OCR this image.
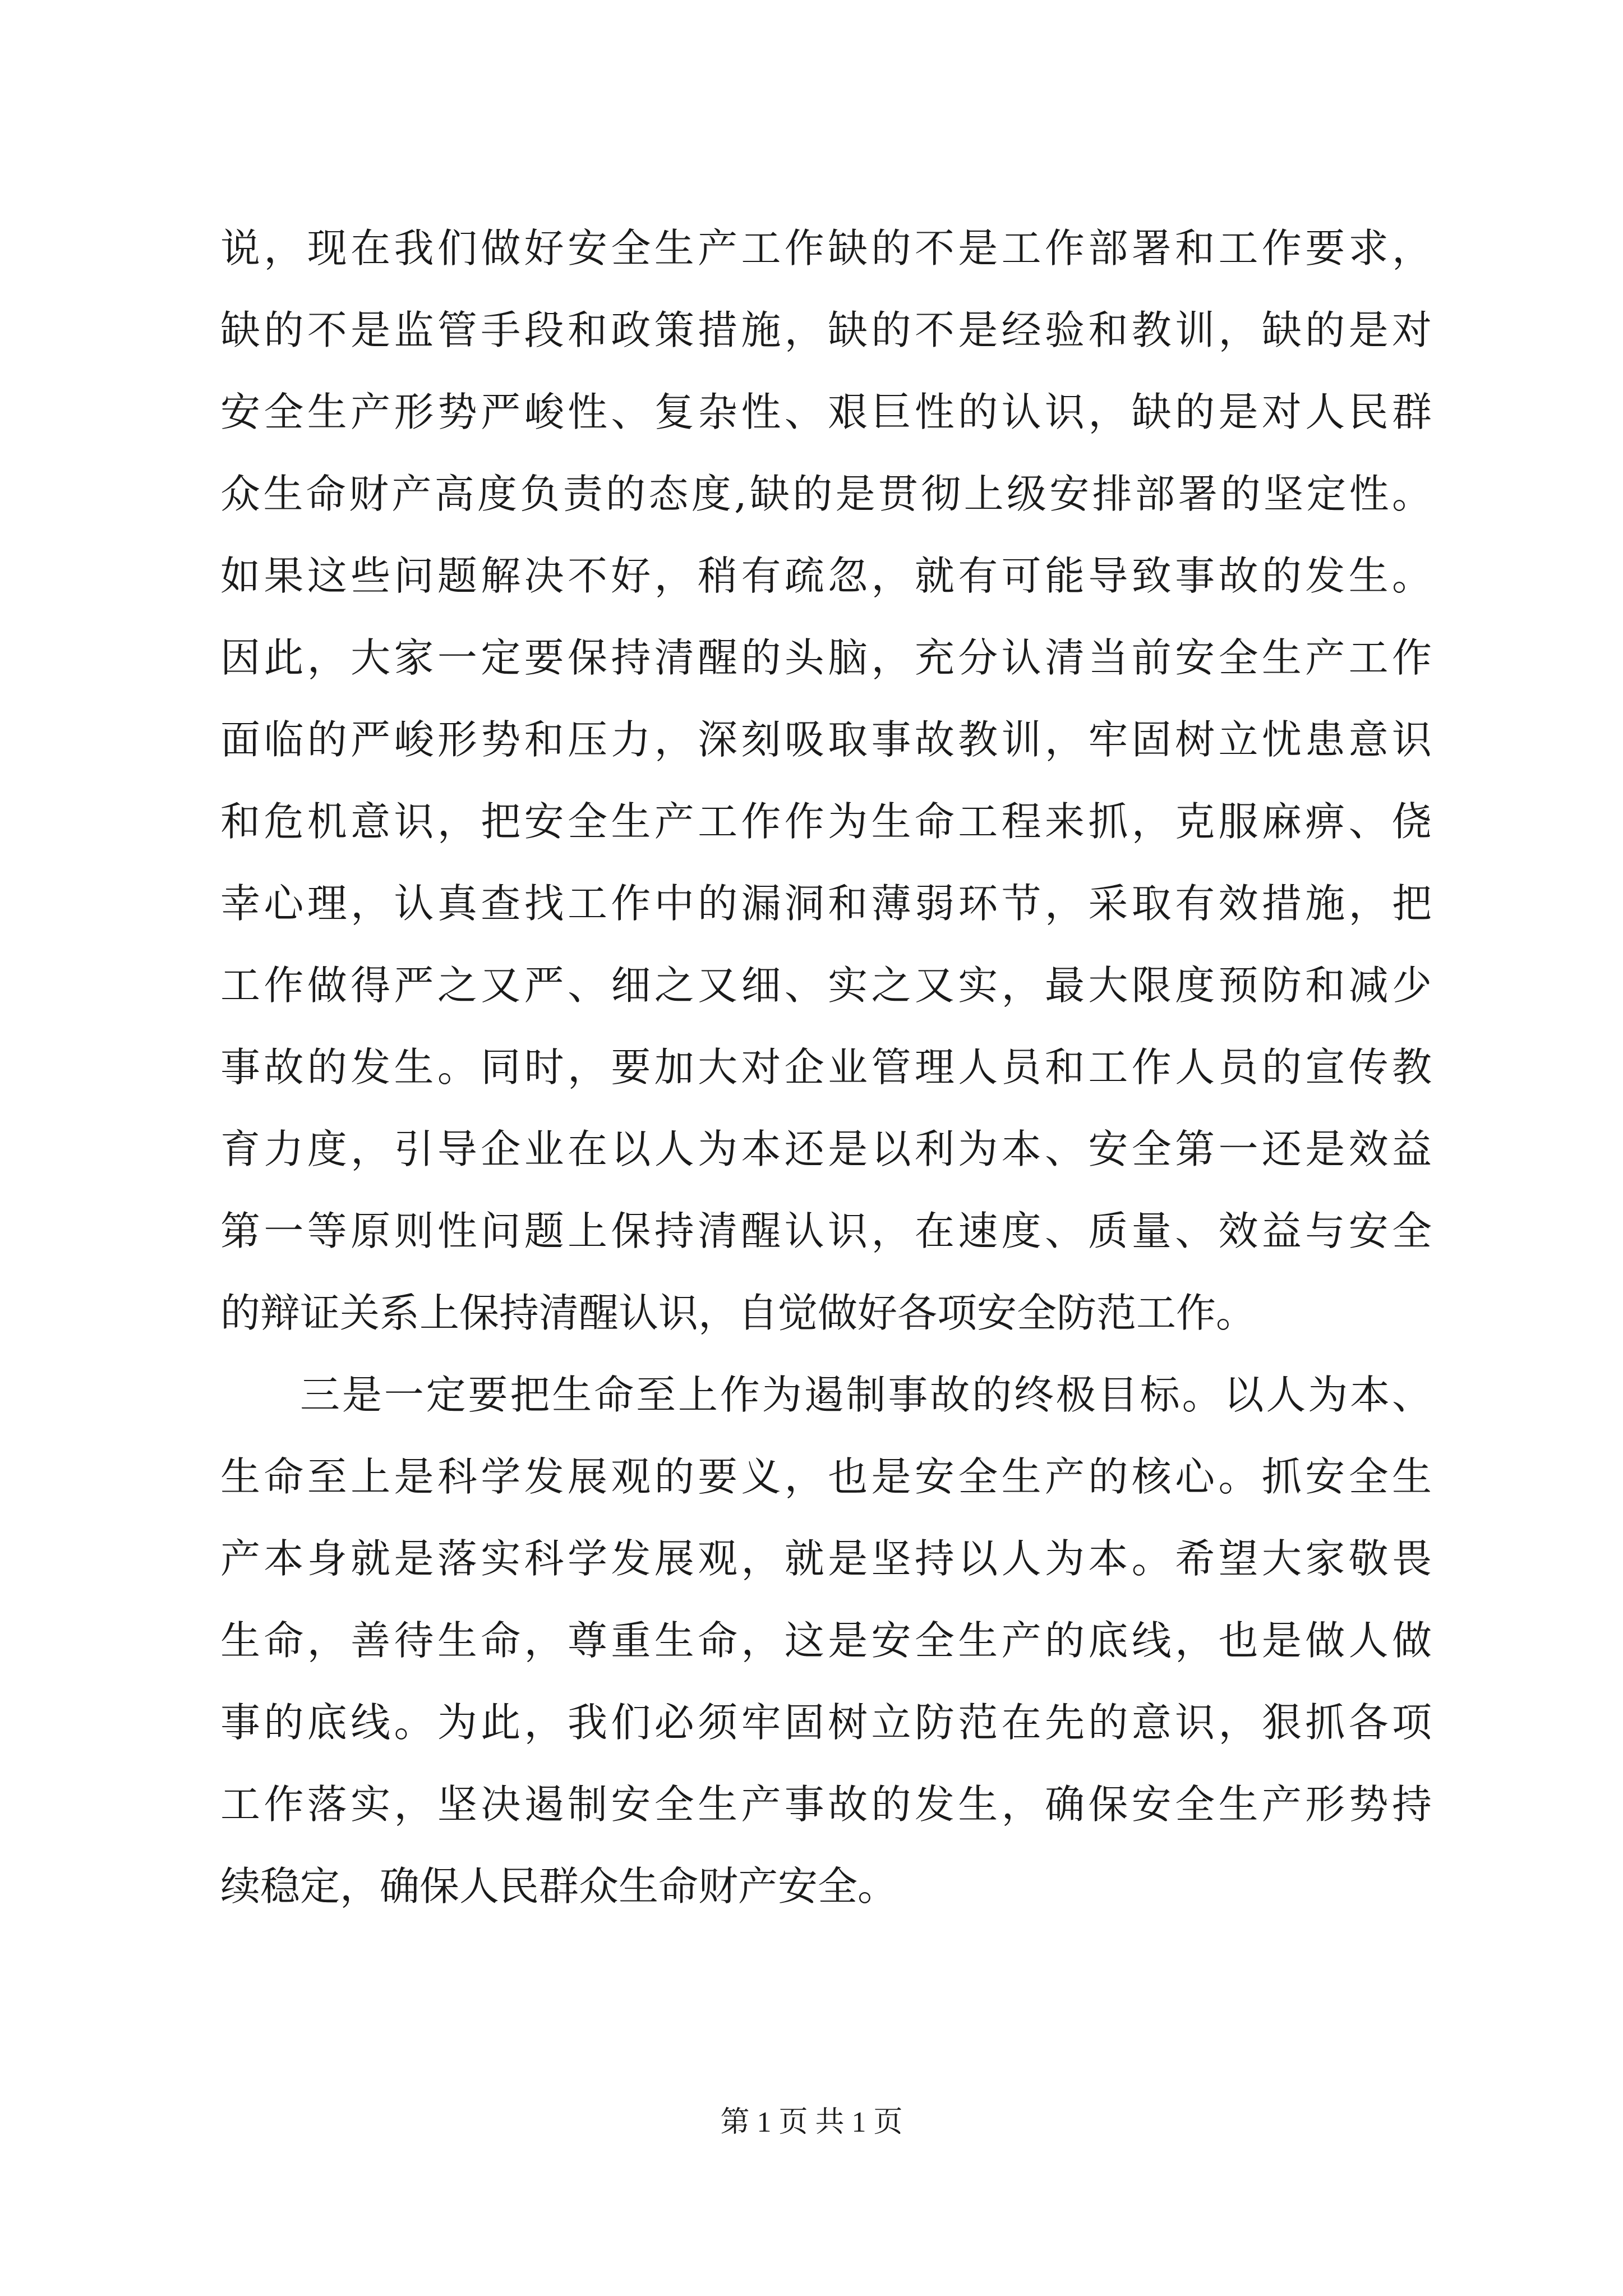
说，现在我们做好安全生产工作缺的不是工作部署和工作要求，
缺的不是监管手段和政策措施，缺的不是经验和教训，缺的是对
安全生产形势严峻性、复杂性、艰巨性的认识，缺的是对人民群
众生命财产高度负责的态度,缺的是贯彻上级安排部署的坚定性。
如果这些问题解决不好，稍有疏忽，就有可能导致事故的发生。
因此，大家一定要保持清醒的头脑，充分认清当前安全生产工作
面临的严峻形势和压力，深刻吸取事故教训，牢固树立忧患意识
和危机意识，把安全生产工作作为生命工程来抓，克服麻痹、侥
幸心理，认真查找工作中的漏洞和薄弱环节，采取有效措施，把
工作做得严之又严、细之又细、实之又实，最大限度预防和减少
事故的发生。同时，要加大对企业管理人员和工作人员的宣传教
育力度，引导企业在以人为本还是以利为本、安全第一还是效益
第一等原则性问题上保持清醒认识，在速度、质量、效益与安全
的辩证关系上保持清醒认识，自觉做好各项安全防范工作。
三是一定要把生命至上作为遏制事故的终极目标。以人为本、
生命至上是科学发展观的要义，也是安全生产的核心。抓安全生
产本身就是落实科学发展观，就是坚持以人为本。希望大家敬畏
生命，善待生命，尊重生命，这是安全生产的底线，也是做人做
事的底线。为此，我们必须牢固树立防范在先的意识，狠抓各项
工作落实，坚决遏制安全生产事故的发生，确保安全生产形势持
续稳定，确保人民群众生命财产安全。
第 1 页 共 1 页
